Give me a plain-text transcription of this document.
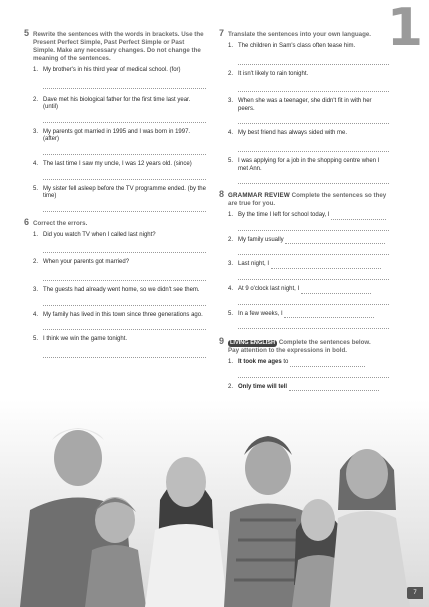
1
5 Rewrite the sentences with the words in brackets. Use the Present Perfect Simple, Past Perfect Simple or Past Simple. Make any necessary changes. Do not change the meaning of the sentences.
1. My brother's in his third year of medical school. (for)
2. Dave met his biological father for the first time last year. (until)
3. My parents got married in 1995 and I was born in 1997. (after)
4. The last time I saw my uncle, I was 12 years old. (since)
5. My sister fell asleep before the TV programme ended. (by the time)
6 Correct the errors.
1. Did you watch TV when I called last night?
2. When your parents got married?
3. The guests had already went home, so we didn't see them.
4. My family has lived in this town since three generations ago.
5. I think we win the game tonight.
7 Translate the sentences into your own language.
1. The children in Sam's class often tease him.
2. It isn't likely to rain tonight.
3. When she was a teenager, she didn't fit in with her peers.
4. My best friend has always sided with me.
5. I was applying for a job in the shopping centre when I met Ann.
8 GRAMMAR REVIEW Complete the sentences so they are true for you.
1. By the time I left for school today, I
2. My family usually
3. Last night, I
4. At 9 o'clock last night, I
5. In a few weeks, I
9	LIVING ENGLISH Complete the sentences below.
Pay attention to the expressions in bold.
1. It took me ages to
2. Only time will tell
7
